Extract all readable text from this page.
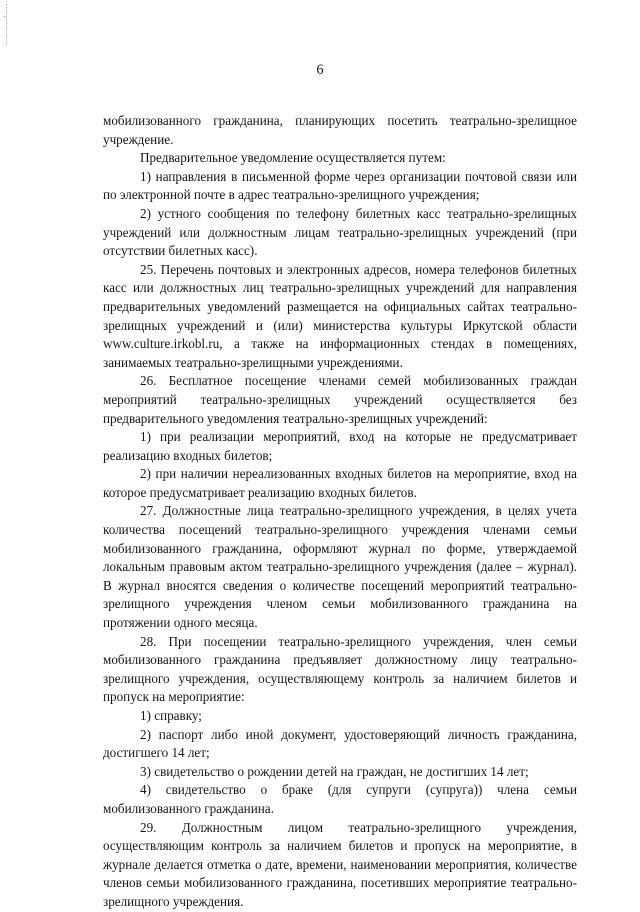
6

мобилизованного гражданина, планирующих посетить театрально-зрелищное учреждение.

Предварительное уведомление осуществляется путем:

1) направления в письменной форме через организации почтовой связи или по электронной почте в адрес театрально-зрелищного учреждения;

2) устного сообщения по телефону билетных касс театрально-зрелищных учреждений или должностным лицам театрально-зрелищных учреждений (при отсутствии билетных касс).

25. Перечень почтовых и электронных адресов, номера телефонов билетных касс или должностных лиц театрально-зрелищных учреждений для направления предварительных уведомлений размещается на официальных сайтах театрально-зрелищных учреждений и (или) министерства культуры Иркутской области www.culture.irkobl.ru, а также на информационных стендах в помещениях, занимаемых театрально-зрелищными учреждениями.

26. Бесплатное посещение членами семей мобилизованных граждан мероприятий театрально-зрелищных учреждений осуществляется без предварительного уведомления театрально-зрелищных учреждений:

1) при реализации мероприятий, вход на которые не предусматривает реализацию входных билетов;

2) при наличии нереализованных входных билетов на мероприятие, вход на которое предусматривает реализацию входных билетов.

27. Должностные лица театрально-зрелищного учреждения, в целях учета количества посещений театрально-зрелищного учреждения членами семьи мобилизованного гражданина, оформляют журнал по форме, утверждаемой локальным правовым актом театрально-зрелищного учреждения (далее – журнал). В журнал вносятся сведения о количестве посещений мероприятий театрально-зрелищного учреждения членом семьи мобилизованного гражданина на протяжении одного месяца.

28. При посещении театрально-зрелищного учреждения, член семьи мобилизованного гражданина предъявляет должностному лицу театрально-зрелищного учреждения, осуществляющему контроль за наличием билетов и пропуск на мероприятие:

1) справку;

2) паспорт либо иной документ, удостоверяющий личность гражданина, достигшего 14 лет;

3) свидетельство о рождении детей на граждан, не достигших 14 лет;

4) свидетельство о браке (для супруги (супруга)) члена семьи мобилизованного гражданина.

29. Должностным лицом театрально-зрелищного учреждения, осуществляющим контроль за наличием билетов и пропуск на мероприятие, в журнале делается отметка о дате, времени, наименовании мероприятия, количестве членов семьи мобилизованного гражданина, посетивших мероприятие театрально-зрелищного учреждения.
